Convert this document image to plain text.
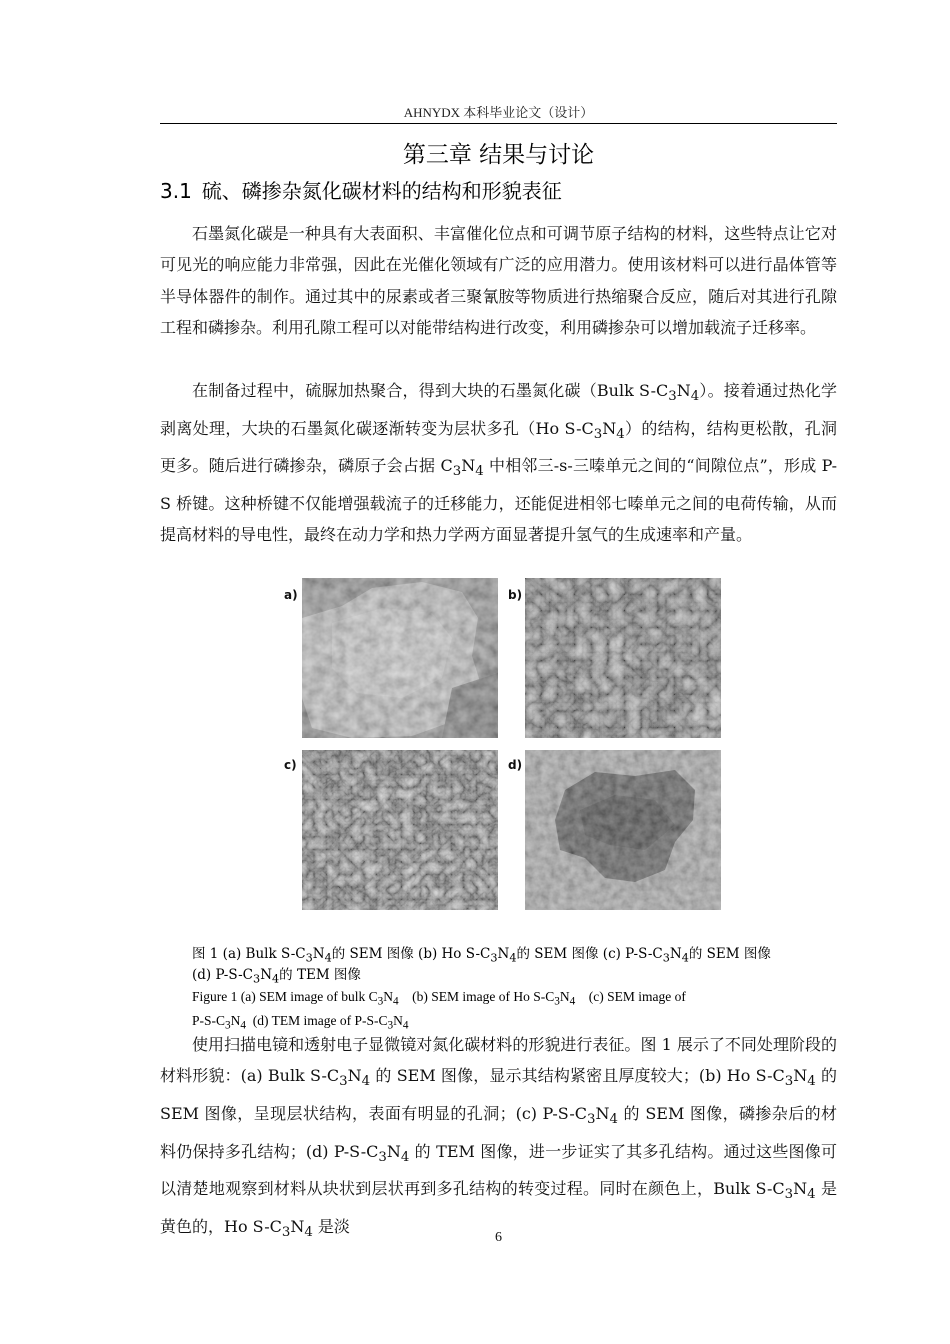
AHNYDX 本科毕业论文（设计）
第三章 结果与讨论
3.1 硫、磷掺杂氮化碳材料的结构和形貌表征

石墨氮化碳是一种具有大表面积、丰富催化位点和可调节原子结构的材料，这些特点让它对可见光的响应能力非常强，因此在光催化领域有广泛的应用潜力。使用该材料可以进行晶体管等半导体器件的制作。通过其中的尿素或者三聚氰胺等物质进行热缩聚合反应，随后对其进行孔隙工程和磷掺杂。利用孔隙工程可以对能带结构进行改变，利用磷掺杂可以增加载流子迁移率。

在制备过程中，硫脲加热聚合，得到大块的石墨氮化碳（Bulk $S-C_3N_4$）。接着通过热化学剥离处理，大块的石墨氮化碳逐渐转变为层状多孔（Ho $S-C_3N_4$）的结构，结构更松散，孔洞更多。随后进行磷掺杂，磷原子会占据 $C_3N_4$ 中相邻三-s-三嗪单元之间的“间隙位点”，形成 P-S 桥键。这种桥键不仅能增强载流子的迁移能力，还能促进相邻七嗪单元之间的电荷传输，从而提高材料的导电性，最终在动力学和热力学两方面显著提升氢气的生成速率和产量。

a)	b)
c)	d)
图 1 (a) Bulk $S-C_3N_4$的 SEM 图像 (b) Ho $S-C_3N_4$的 SEM 图像 (c) $P-S-C_3N_4$的 SEM 图像
(d) $P-S-C_3N_4$的 TEM 图像
Figure 1 (a) SEM image of bulk $C_3N_4$    (b) SEM image of Ho $S-C_3N_4$    (c) SEM image of
$P-S-C_3N_4$  (d) TEM image of $P-S-C_3N_4$

使用扫描电镜和透射电子显微镜对氮化碳材料的形貌进行表征。图 1 展示了不同处理阶段的材料形貌：(a) Bulk $S-C_3N_4$ 的 SEM 图像，显示其结构紧密且厚度较大；(b) Ho $S-C_3N_4$ 的 SEM 图像，呈现层状结构，表面有明显的孔洞；(c) $P-S-C_3N_4$ 的 SEM 图像，磷掺杂后的材料仍保持多孔结构；(d) $P-S-C_3N_4$ 的 TEM 图像，进一步证实了其多孔结构。通过这些图像可以清楚地观察到材料从块状到层状再到多孔结构的转变过程。同时在颜色上，Bulk $S-C_3N_4$ 是黄色的，Ho $S-C_3N_4$ 是淡

6
